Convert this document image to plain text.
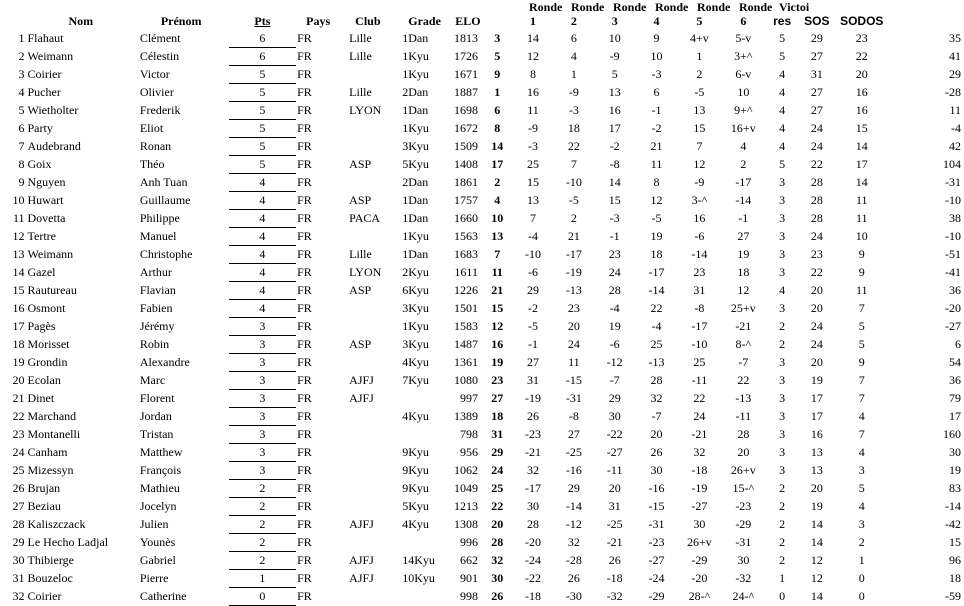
Ronde Ronde Ronde Ronde Ronde Ronde Victoi
	Nom	Prénom	Pts	Pays	Club	Grade	ELO		1	2	3	4	5	6	res	SOS	SODOS	
1	Flahaut	Clément	6	FR	Lille	1Dan	1813	3	14	6	10	9	4+v	5-v	5	29	23	35
2	Weimann	Célestin	6	FR	Lille	1Kyu	1726	5	12	4	-9	10	1	3+^	5	27	22	41
3	Coirier	Victor	5	FR		1Kyu	1671	9	8	1	5	-3	2	6-v	4	31	20	29
4	Pucher	Olivier	5	FR	Lille	2Dan	1887	1	16	-9	13	6	-5	10	4	27	16	-28
5	Wietholter	Frederik	5	FR	LYON	1Dan	1698	6	11	-3	16	-1	13	9+^	4	27	16	11
6	Party	Eliot	5	FR		1Kyu	1672	8	-9	18	17	-2	15	16+v	4	24	15	-4
7	Audebrand	Ronan	5	FR		3Kyu	1509	14	-3	22	-2	21	7	4	4	24	14	42
8	Goix	Théo	5	FR	ASP	5Kyu	1408	17	25	7	-8	11	12	2	5	22	17	104
9	Nguyen	Anh Tuan	4	FR		2Dan	1861	2	15	-10	14	8	-9	-17	3	28	14	-31
10	Huwart	Guillaume	4	FR	ASP	1Dan	1757	4	13	-5	15	12	3-^	-14	3	28	11	-10
11	Dovetta	Philippe	4	FR	PACA	1Dan	1660	10	7	2	-3	-5	16	-1	3	28	11	38
12	Tertre	Manuel	4	FR		1Kyu	1563	13	-4	21	-1	19	-6	27	3	24	10	-10
13	Weimann	Christophe	4	FR	Lille	1Dan	1683	7	-10	-17	23	18	-14	19	3	23	9	-51
14	Gazel	Arthur	4	FR	LYON	2Kyu	1611	11	-6	-19	24	-17	23	18	3	22	9	-41
15	Rautureau	Flavian	4	FR	ASP	6Kyu	1226	21	29	-13	28	-14	31	12	4	20	11	36
16	Osmont	Fabien	4	FR		3Kyu	1501	15	-2	23	-4	22	-8	25+v	3	20	7	-20
17	Pagès	Jérémy	3	FR		1Kyu	1583	12	-5	20	19	-4	-17	-21	2	24	5	-27
18	Morisset	Robin	3	FR	ASP	3Kyu	1487	16	-1	24	-6	25	-10	8-^	2	24	5	6
19	Grondin	Alexandre	3	FR		4Kyu	1361	19	27	11	-12	-13	25	-7	3	20	9	54
20	Ecolan	Marc	3	FR	AJFJ	7Kyu	1080	23	31	-15	-7	28	-11	22	3	19	7	36
21	Dinet	Florent	3	FR	AJFJ		997	27	-19	-31	29	32	22	-13	3	17	7	79
22	Marchand	Jordan	3	FR		4Kyu	1389	18	26	-8	30	-7	24	-11	3	17	4	17
23	Montanelli	Tristan	3	FR			798	31	-23	27	-22	20	-21	28	3	16	7	160
24	Canham	Matthew	3	FR		9Kyu	956	29	-21	-25	-27	26	32	20	3	13	4	30
25	Mizessyn	François	3	FR		9Kyu	1062	24	32	-16	-11	30	-18	26+v	3	13	3	19
26	Brujan	Mathieu	2	FR		9Kyu	1049	25	-17	29	20	-16	-19	15-^	2	20	5	83
27	Beziau	Jocelyn	2	FR		5Kyu	1213	22	30	-14	31	-15	-27	-23	2	19	4	-14
28	Kaliszczack	Julien	2	FR	AJFJ	4Kyu	1308	20	28	-12	-25	-31	30	-29	2	14	3	-42
29	Le Hecho Ladjal	Younès	2	FR			996	28	-20	32	-21	-23	26+v	-31	2	14	2	15
30	Thibierge	Gabriel	2	FR	AJFJ	14Kyu	662	32	-24	-28	26	-27	-29	30	2	12	1	96
31	Bouzeloc	Pierre	1	FR	AJFJ	10Kyu	901	30	-22	26	-18	-24	-20	-32	1	12	0	18
32	Coirier	Catherine	0	FR			998	26	-18	-30	-32	-29	28-^	24-^	0	14	0	-59
